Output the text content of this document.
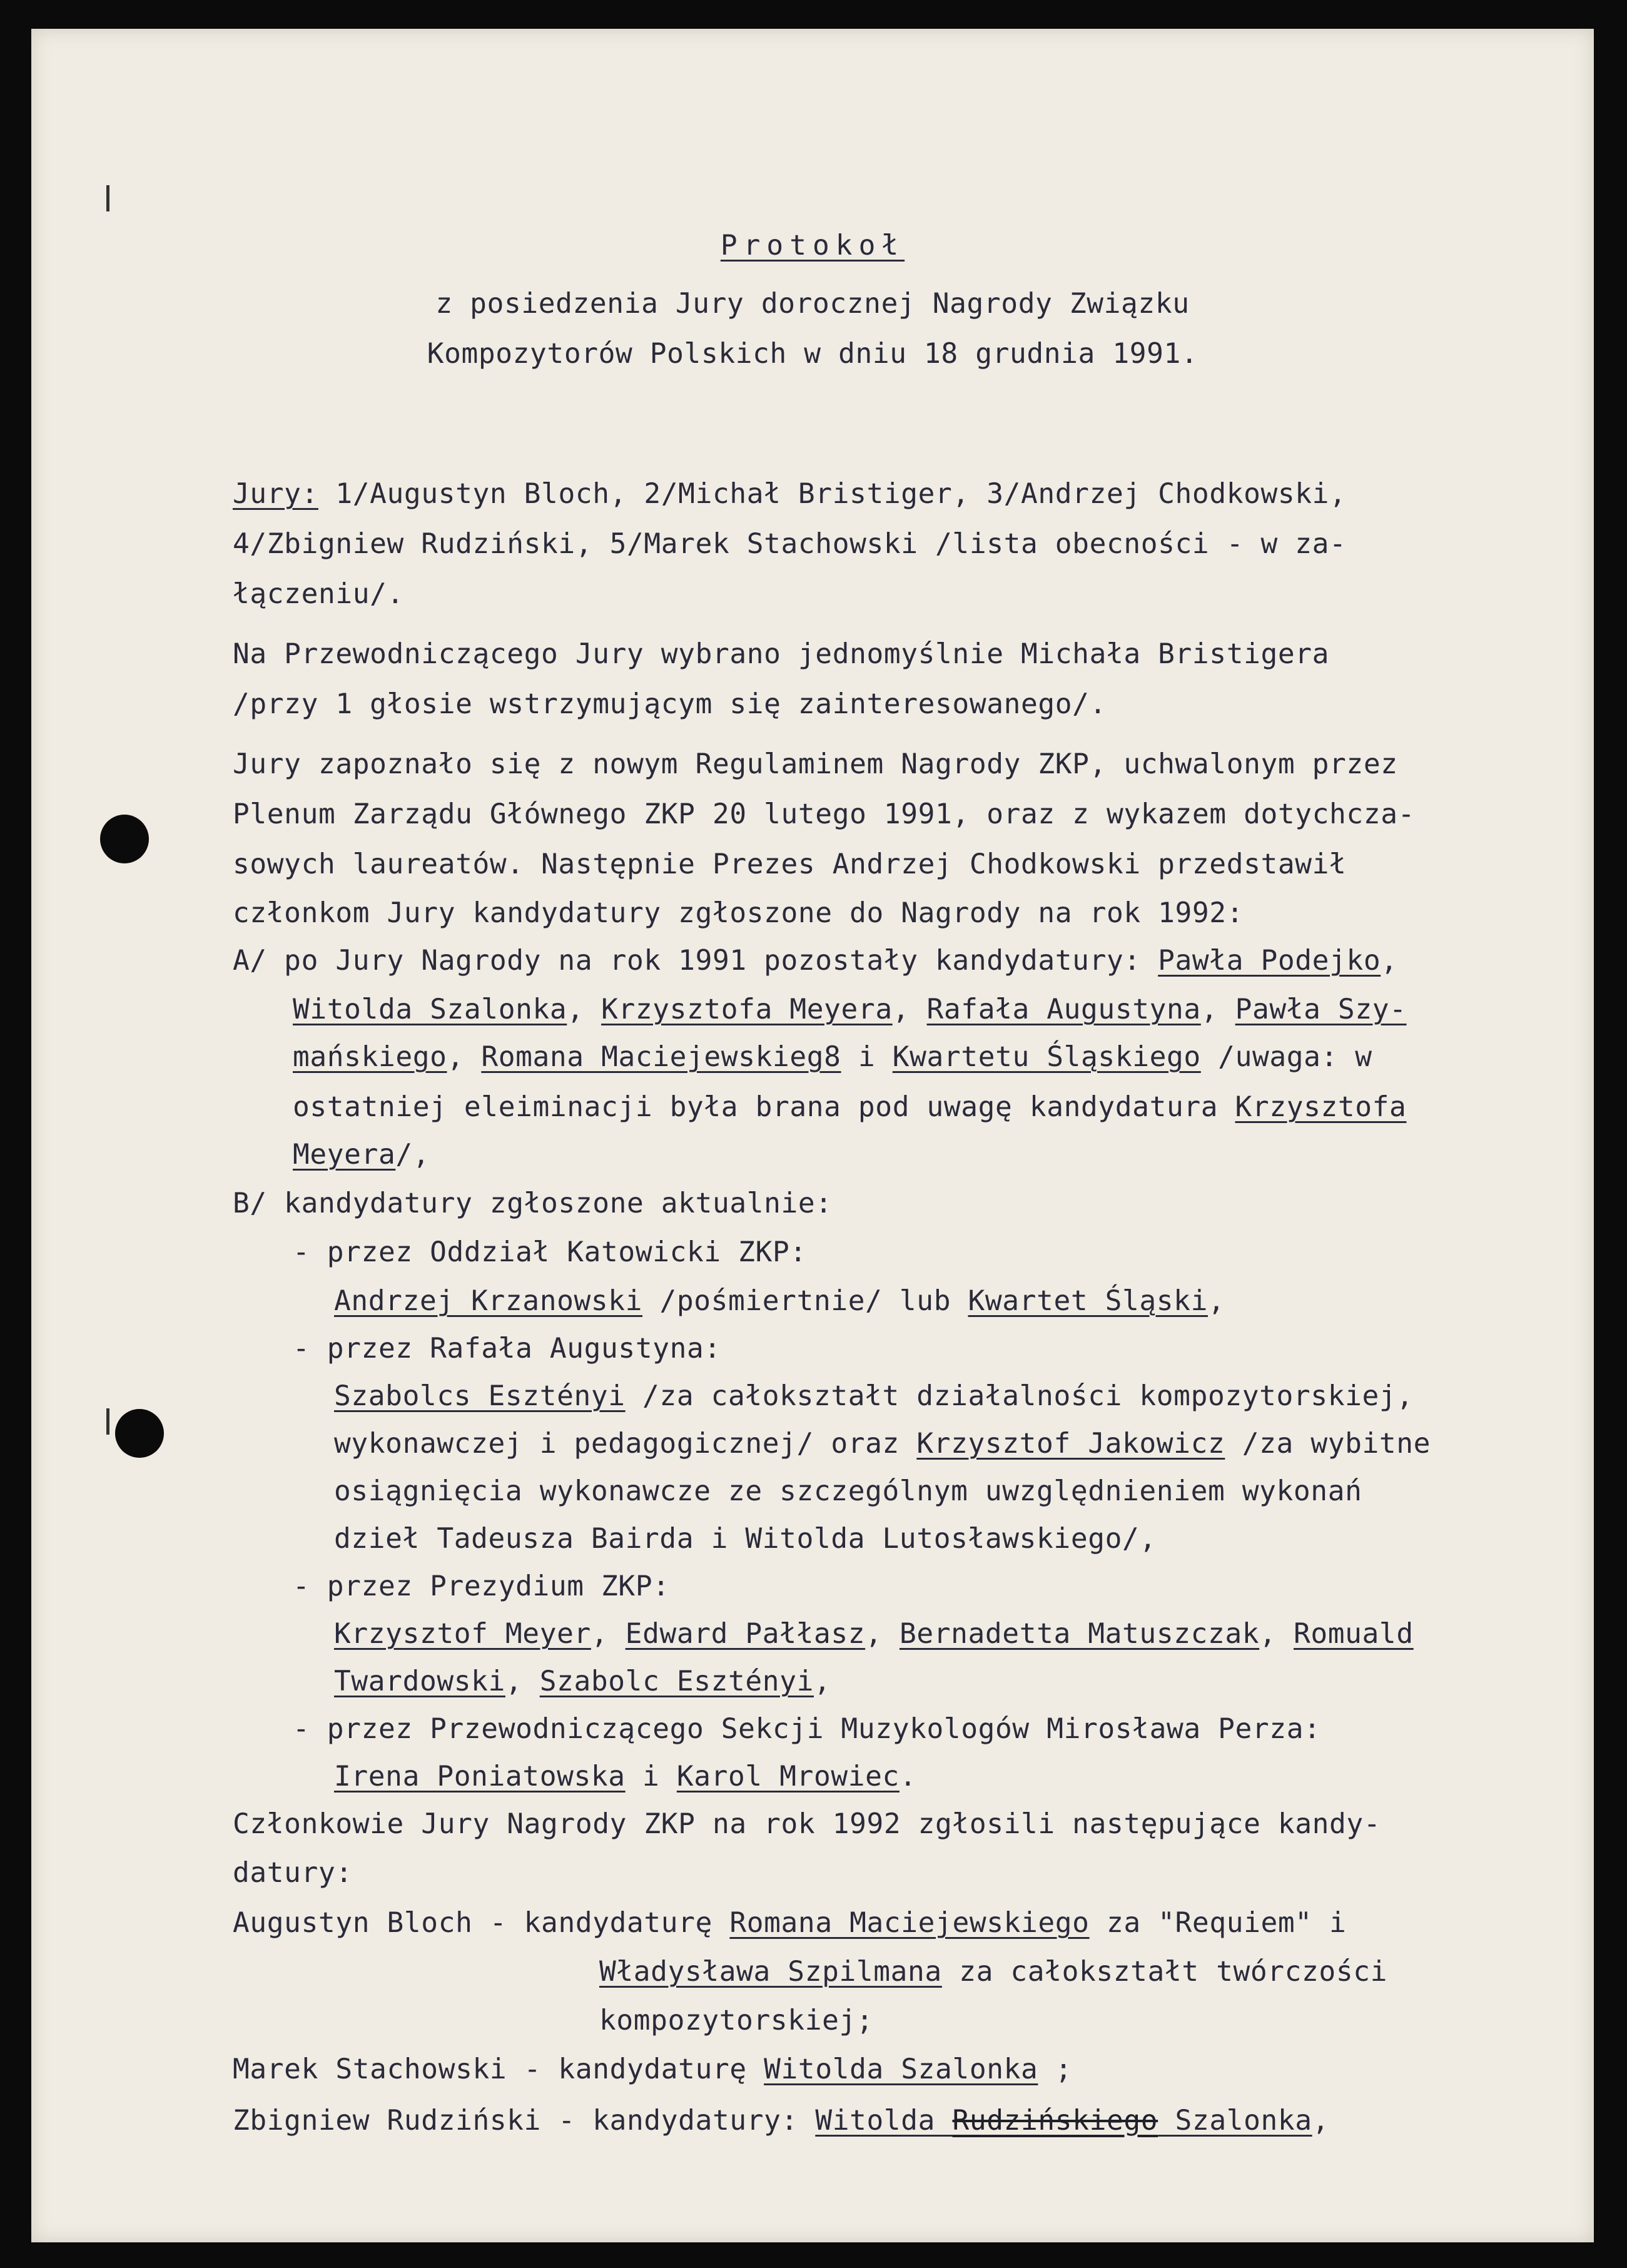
Protokoł
z posiedzenia Jury dorocznej Nagrody Związku
Kompozytorów Polskich w dniu 18 grudnia 1991.
Jury: 1/Augustyn Bloch, 2/Michał Bristiger, 3/Andrzej Chodkowski,
4/Zbigniew Rudziński, 5/Marek Stachowski /lista obecności - w za-
łączeniu/.
Na Przewodniczącego Jury wybrano jednomyślnie Michała Bristigera
/przy 1 głosie wstrzymującym się zainteresowanego/.
Jury zapoznało się z nowym Regulaminem Nagrody ZKP, uchwalonym przez
Plenum Zarządu Głównego ZKP 20 lutego 1991, oraz z wykazem dotychcza-
sowych laureatów. Następnie Prezes Andrzej Chodkowski przedstawił
członkom Jury kandydatury zgłoszone do Nagrody na rok 1992:
A/ po Jury Nagrody na rok 1991 pozostały kandydatury: Pawła Podejko,
Witolda Szalonka, Krzysztofa Meyera, Rafała Augustyna, Pawła Szy-
mańskiego, Romana Maciejewskieg8 i Kwartetu Śląskiego /uwaga: w
ostatniej eleiminacji była brana pod uwagę kandydatura Krzysztofa
Meyera/,
B/ kandydatury zgłoszone aktualnie:
- przez Oddział Katowicki ZKP:
Andrzej Krzanowski /pośmiertnie/ lub Kwartet Śląski,
- przez Rafała Augustyna:
Szabolcs Esztényi /za całokształt działalności kompozytorskiej,
wykonawczej i pedagogicznej/ oraz Krzysztof Jakowicz /za wybitne
osiągnięcia wykonawcze ze szczególnym uwzględnieniem wykonań
dzieł Tadeusza Bairda i Witolda Lutosławskiego/,
- przez Prezydium ZKP:
Krzysztof Meyer, Edward Pałłasz, Bernadetta Matuszczak, Romuald
Twardowski, Szabolc Esztényi,
- przez Przewodniczącego Sekcji Muzykologów Mirosława Perza:
Irena Poniatowska i Karol Mrowiec.
Członkowie Jury Nagrody ZKP na rok 1992 zgłosili następujące kandy-
datury:
Augustyn Bloch - kandydaturę Romana Maciejewskiego za "Requiem" i
Władysława Szpilmana za całokształt twórczości
kompozytorskiej;
Marek Stachowski - kandydaturę Witolda Szalonka ;
Zbigniew Rudziński - kandydatury: Witolda Rudzińskiego Szalonka,
